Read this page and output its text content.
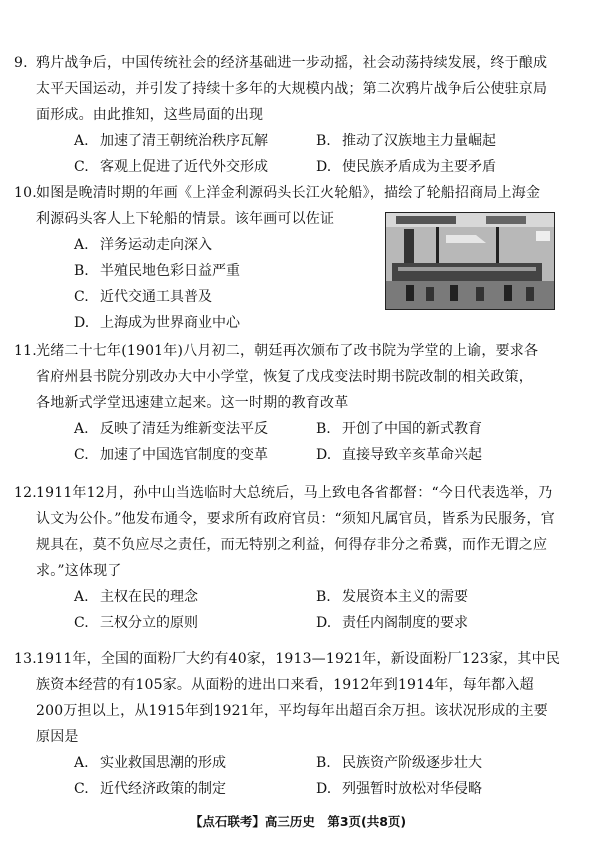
9. 鸦片战争后，中国传统社会的经济基础进一步动摇，社会动荡持续发展，终于酿成
太平天国运动，并引发了持续十多年的大规模内战；第二次鸦片战争后公使驻京局
面形成。由此推知，这些局面的出现
A. 加速了清王朝统治秩序瓦解	B. 推动了汉族地主力量崛起
C. 客观上促进了近代外交形成	D. 使民族矛盾成为主要矛盾
10.如图是晚清时期的年画《上洋金利源码头长江火轮船》，描绘了轮船招商局上海金
利源码头客人上下轮船的情景。该年画可以佐证
A. 洋务运动走向深入
B. 半殖民地色彩日益严重
C. 近代交通工具普及
D. 上海成为世界商业中心
11.光绪二十七年(1901年)八月初二，朝廷再次颁布了改书院为学堂的上谕，要求各
省府州县书院分别改办大中小学堂，恢复了戊戌变法时期书院改制的相关政策，
各地新式学堂迅速建立起来。这一时期的教育改革
A. 反映了清廷为维新变法平反	B. 开创了中国的新式教育
C. 加速了中国选官制度的变革	D. 直接导致辛亥革命兴起
12.1911年12月，孙中山当选临时大总统后，马上致电各省都督：“今日代表选举，乃
认文为公仆。”他发布通令，要求所有政府官员：“须知凡属官员，皆系为民服务，官
规具在，莫不负应尽之责任，而无特别之利益，何得存非分之希冀，而作无谓之应
求。”这体现了
A. 主权在民的理念	B. 发展资本主义的需要
C. 三权分立的原则	D. 责任内阁制度的要求
13.1911年，全国的面粉厂大约有40家，1913—1921年，新设面粉厂123家，其中民
族资本经营的有105家。从面粉的进出口来看，1912年到1914年，每年都入超
200万担以上，从1915年到1921年，平均每年出超百余万担。该状况形成的主要
原因是
A. 实业救国思潮的形成	B. 民族资产阶级逐步壮大
C. 近代经济政策的制定	D. 列强暂时放松对华侵略
【点石联考】高三历史　第3页(共8页)
